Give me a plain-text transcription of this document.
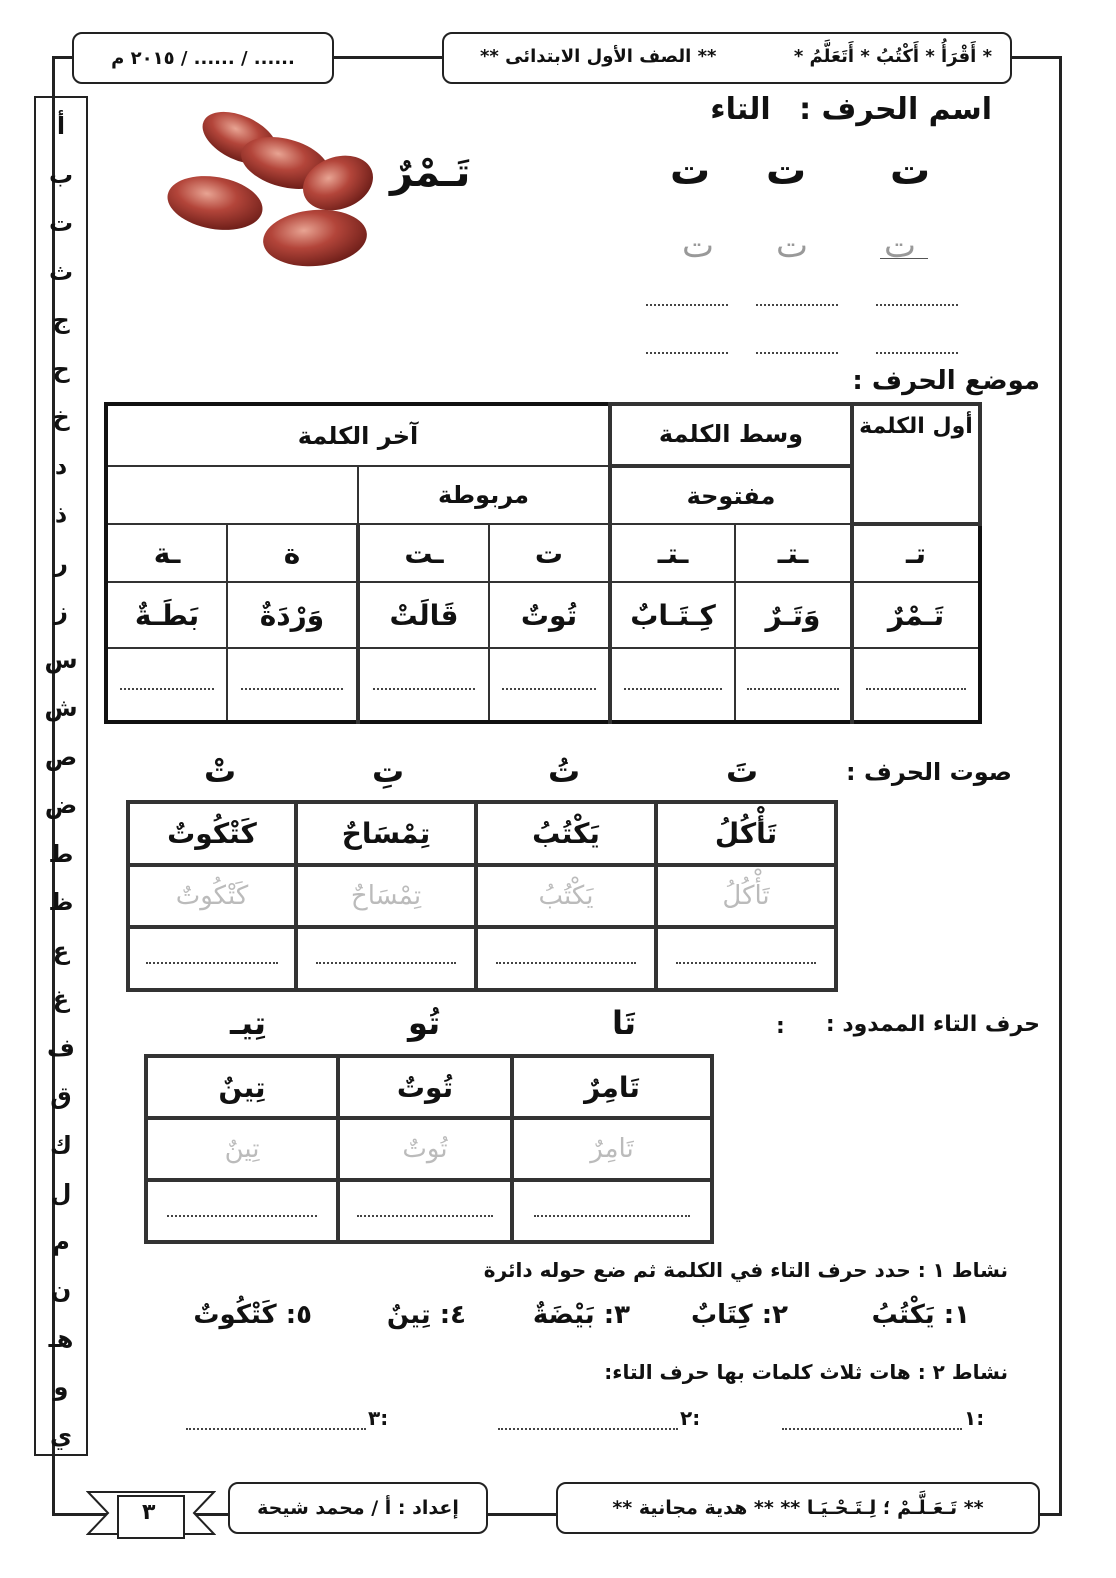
...... / ...... / ٢٠١٥ م	* أَقْرَأُ * أَكْتُبُ * أَتَعَلَّمُ *
** الصف الأول الابتدائى **
أ
ب
ت
ث
ج
ح
خ
د
ذ
ر
ز
س
ش
ص
ض
ط
ظ
ع
غ
ف
ق
ك
ل
م
ن
هـ
و
ي
اسم الحرف : التاء
ت
ت
ت
ت
ت
ت
تَـمْرٌ
موضع الحرف :
أول الكلمة	وسط الكلمة		آخر الكلمة			
	مفتوحة		مربوطة			
تـ	ـتـ	ـتـ	ت	ـت	ة	ـة
تَـمْرٌ	وَتَـرٌ	كِـتَـابٌ	تُوتٌ	قَالَتْ	وَرْدَةٌ	بَطَـةٌ

صوت الحرف :
تَ
تُ
تِ
تْ
تَأْكُلُ	يَكْتُبُ	تِمْسَاحٌ	كَتْكُوتٌ
تَأْكُلُ	يَكْتُبُ	تِمْسَاحٌ	كَتْكُوتٌ

حرف التاء الممدود :
:
تَا
تُو
تِيـ
تَامِرٌ	تُوتٌ	تِينٌ
تَامِرٌ	تُوتٌ	تِينٌ

نشاط ١ : حدد حرف التاء في الكلمة ثم ضع حوله دائرة
١: يَكْتُبُ
٢: كِتَابٌ
٣: بَيْضَةٌ
٤: تِينٌ
٥: كَتْكُوتٌ
نشاط ٢ : هات ثلاث كلمات بها حرف التاء:
١:
٢:
٣:
٣	إعداد : أ / محمد شيحة	** تَـعَـلَّـمْ ؛ لِـتَـحْـيَـا ** ** هدية مجانية **
